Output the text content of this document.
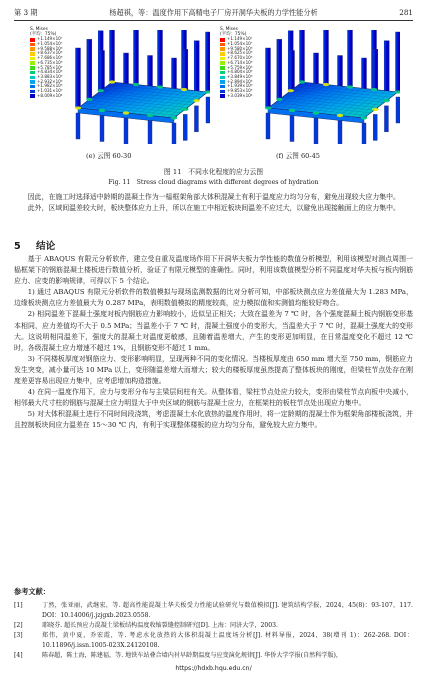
第 3 期	杨超祺，等：温度作用下高精电子厂房开洞华夫板的力学性能分析	281
S, Mises
(平均：75%)
+1.149×10⁷
+1.054×10⁷
+9.588×10⁶
+8.637×10⁶
+7.686×10⁶
+6.735×10⁶
+5.785×10⁶
+4.834×10⁶
+3.883×10⁶
+2.932×10⁶
+1.982×10⁶
+1.031×10⁶
+8.009×10⁴
(e) 云图 60-30
S, Mises
(平均：75%)
+1.149×10⁷
+1.054×10⁷
+9.580×10⁶
+8.625×10⁶
+7.670×10⁶
+6.714×10⁶
+5.759×10⁶
+4.804×10⁶
+3.849×10⁶
+2.894×10⁶
+1.939×10⁶
+9.853×10⁵
+3.039×10⁴
(f) 云图 60-45
图 11　不同水化程度的应力云图
Fig. 11　Stress cloud diagrams with different degrees of hydration

因此，在施工时选择适中龄期的混凝土作为一榀框架角部大体积混凝土有利于温度应力均匀分布，避免出现较大应力集中。

此外，区域间温差较大时，板块整体应力上升，所以在施工中相近板块间温差不应过大，以避免出现接触面上的应力集中。

5 结论

基于 ABAQUS 有限元分析软件，建立受自重及温度场作用下开洞华夫板力学性能的数值分析模型，利用该模型对测点周围一榀框架下的钢筋混凝土楼板进行数值分析，验证了有限元模型的准确性。同时，利用该数值模型分析不同温度对华夫板与板内钢筋应力、应变的影响规律，可得以下 5 个结论。

1) 通过 ABAQUS 有限元分析软件的数值模拟与现场监测数据的比对分析可知，中部板块测点应力差值最大为 1.283 MPa，边缘板块测点应力差值最大为 0.287 MPa，表明数值模拟的精度较高，应力模拟值和实测值均能较好吻合。

2) 相同温差下混凝土强度对板内钢筋应力影响较小，近似呈正相关；大致在温差为 7 ℃ 时，各个强度混凝土板内钢筋变形基本相同，应力差值均不大于 0.5 MPa；当温差小于 7 ℃ 时，混凝土强度小的变形大，当温差大于 7 ℃ 时，混凝土强度大的变形大。这说明相同温差下，强度大的混凝土对温度更敏感，且随着温差增大，产生的变形更加明显，在日常温度变化不超过 12 ℃ 时，各级混凝土应力增速不超过 1%，且钢筋变形不超过 1 mm。

3) 不同楼板厚度对钢筋应力、变形影响明显，呈现两种不同的变化情况。当楼板厚度由 650 mm 增大至 750 mm，钢筋应力发生突变，减小量可达 10 MPa 以上，变形随温差增大而增大；较大的楼板厚度虽然提高了整体板块的刚度，但梁柱节点处存在刚度差更容易出现应力集中，应考虑增加构造措施。

4) 在同一温度作用下，应力与变形分布与主梁层间柱有关。从整体看，梁柱节点处应力较大，变形由梁柱节点向板中央减小，相邻最大尺寸柱的钢筋与混凝土应力明显大于中央区域的钢筋与混凝土应力，在框架柱的板柱节点处出现应力集中。

5) 对大体积混凝土进行不同时间段浇筑，考虑混凝土水化放热的温度作用时，将一定龄期的混凝土作为框架角部楼板浇筑，并且控制板块间应力温差在 15～30 ℃ 内，有利于实现整体楼板的应力均匀分布，避免较大应力集中。

参考文献：
[1]	丁然，张亚丽，武继宏，等. 超高性能混凝土华夫板受力性能试验研究与数值模拟[J]. 建筑结构学报，2024，45(8)：93-107，117. DOI：10.14006/j.jzjgxb.2023.0558.
[2]	耶晓芬. 超长预应力混凝土梁板结构温度收缩裂缝控制研究[D]. 上海：同济大学，2003.
[3]	郑伟，黄中夏，乔宏霞，等. 考虑水化放热的大体积混凝土温度场分析[J]. 材料导报，2024，38(增刊 1)：262-268. DOI：10.11896/j.issn.1005-023X.24120108.
[4]	陈春超，陈士海，陈建福，等. 地铁车站叠合墙内衬早龄期温度与应变演化规律[J]. 华侨大学学报(自然科学版)，
https://hdxb.hqu.edu.cn/
